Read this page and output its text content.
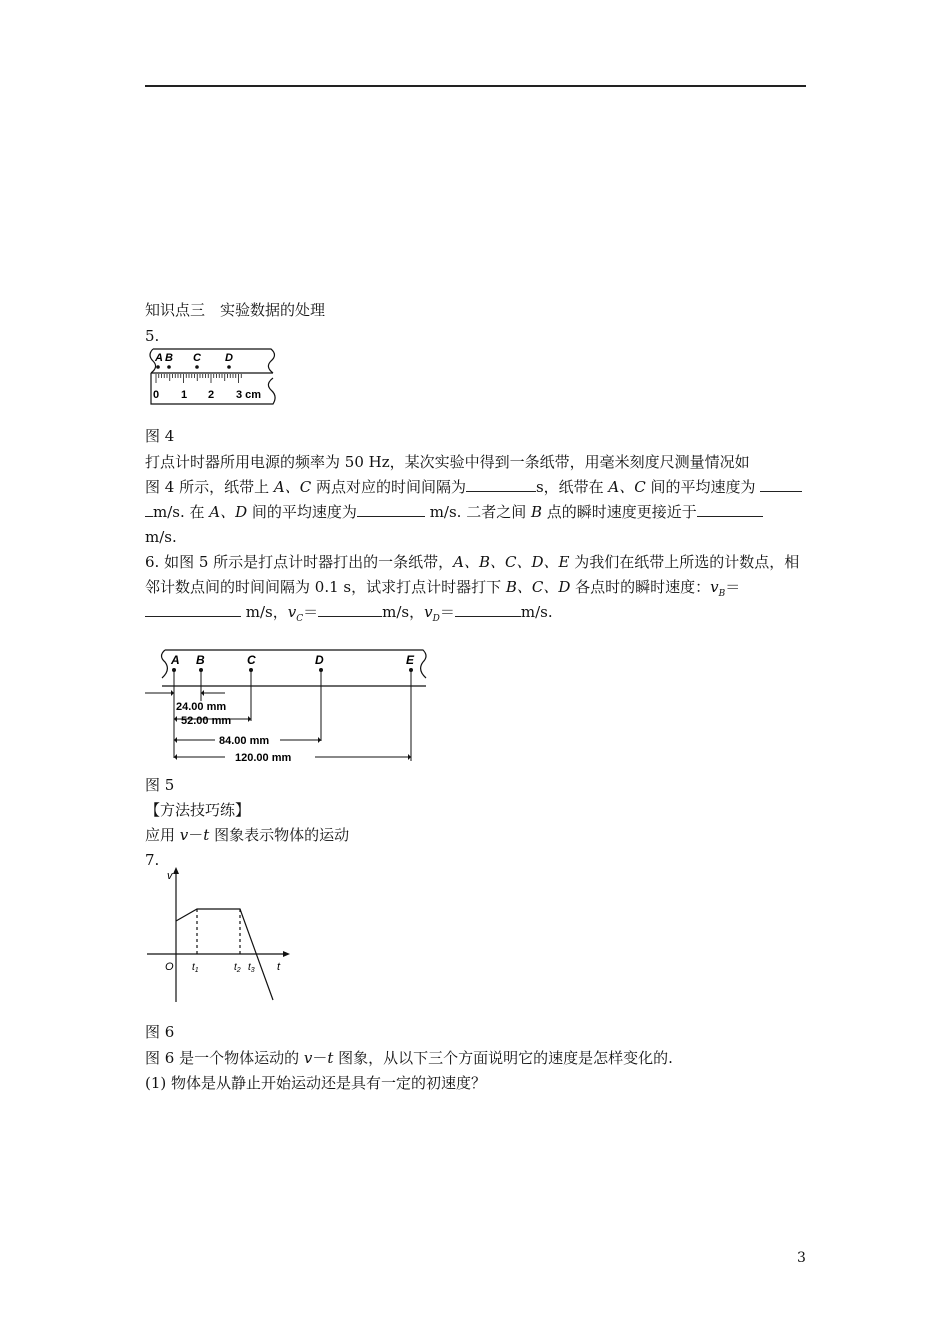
知识点三　实验数据的处理
5.
A B C D
0 1 2 3 cm
图 4
打点计时器所用电源的频率为 50 Hz，某次实验中得到一条纸带，用毫米刻度尺测量情况如
图 4 所示，纸带上 A、C 两点对应的时间间隔为	s，纸带在 A、C 间的平均速度为
m/s. 在 A、D 间的平均速度为	m/s. 二者之间 B 点的瞬时速度更接近于
m/s.
6. 如图 5 所示是打点计时器打出的一条纸带，A、B、C、D、E 为我们在纸带上所选的计数点，相
邻计数点间的时间间隔为 0.1 s，试求打点计时器打下 B、C、D 各点时的瞬时速度：$v_B=$
m/s，$v_C=$	m/s，$v_D=$	m/s.
A B	C	D	E
24.00 mm
52.00 mm
84.00 mm
120.00 mm
图 5
【方法技巧练】
应用 v－t 图象表示物体的运动
7.
v
t
O $t_1$	$t_2$ $t_3$
图 6
图 6 是一个物体运动的 v－t 图象，从以下三个方面说明它的速度是怎样变化的.
(1) 物体是从静止开始运动还是具有一定的初速度？
3
